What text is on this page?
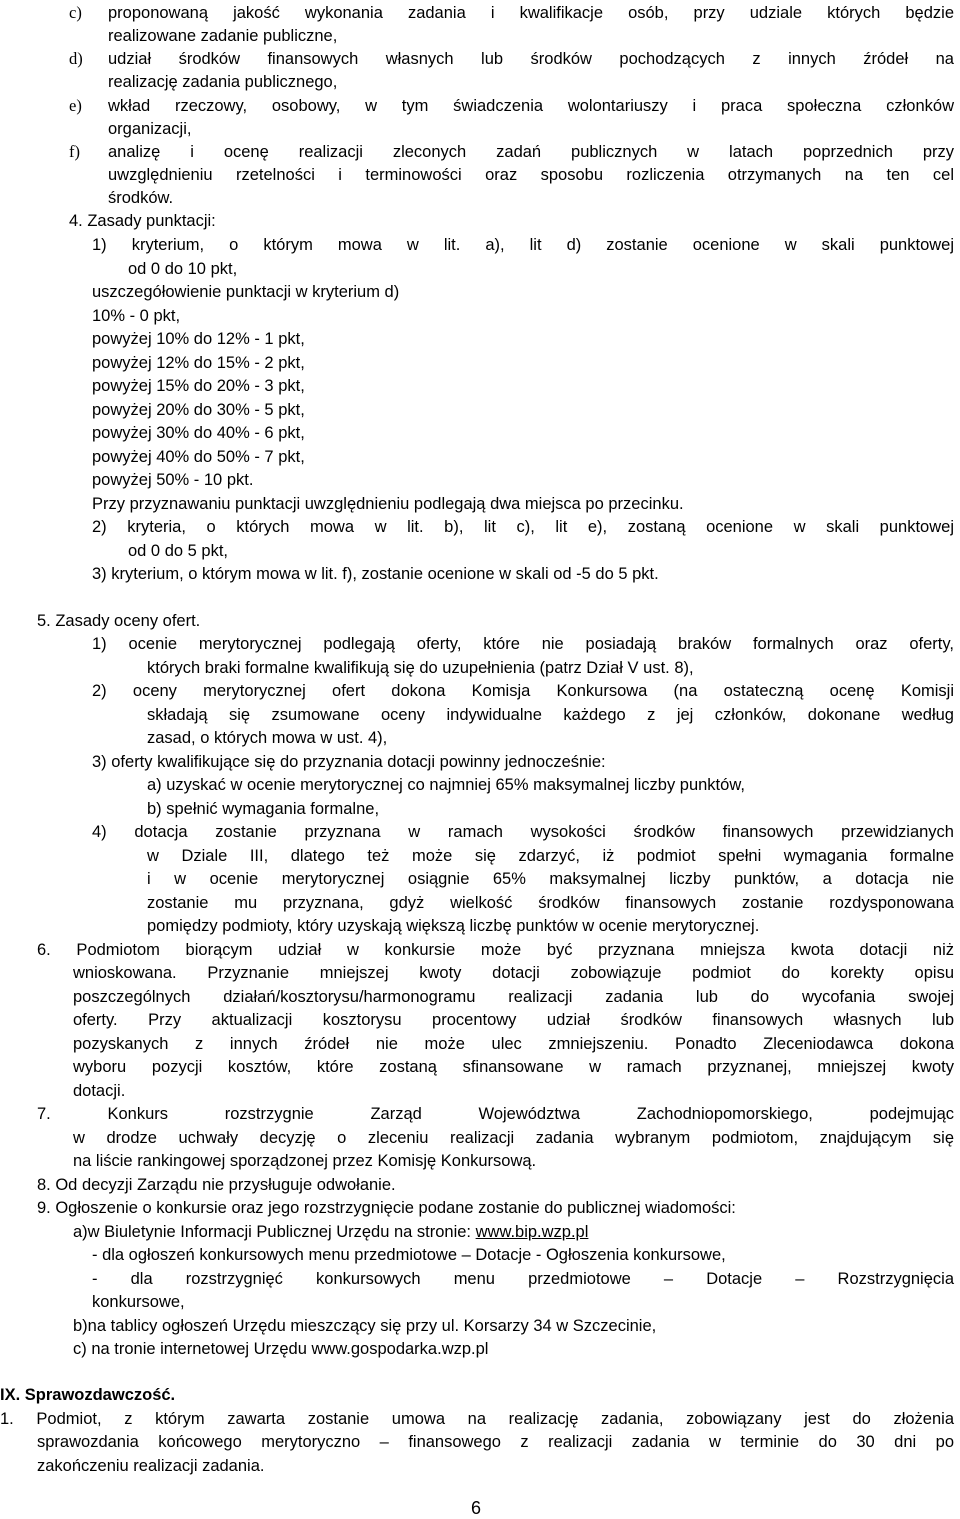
c) proponowaną jakość wykonania zadania i kwalifikacje osób, przy udziale których będzie
realizowane zadanie publiczne,
d) udział środków finansowych własnych lub środków pochodzących z innych źródeł na
realizację zadania publicznego,
e) wkład rzeczowy, osobowy, w tym świadczenia wolontariuszy i praca społeczna członków
organizacji,
f) analizę i ocenę realizacji zleconych zadań publicznych w latach poprzednich przy
uwzględnieniu rzetelności i terminowości oraz sposobu rozliczenia otrzymanych na ten cel
środków.
4. Zasady punktacji:
1) kryterium, o którym mowa w lit. a), lit d) zostanie ocenione w skali punktowej
od 0 do 10 pkt,
uszczegółowienie punktacji w kryterium d)
10% - 0 pkt,
powyżej 10% do 12% - 1 pkt,
powyżej 12% do 15% - 2 pkt,
powyżej 15% do 20% - 3 pkt,
powyżej 20% do 30% - 5 pkt,
powyżej 30% do 40% - 6 pkt,
powyżej 40% do 50% - 7 pkt,
powyżej 50% - 10 pkt.
Przy przyznawaniu punktacji uwzględnieniu podlegają dwa miejsca po przecinku.
2) kryteria, o których mowa w lit. b), lit c), lit e), zostaną ocenione w skali punktowej
od 0 do 5 pkt,
3) kryterium, o którym mowa w lit. f), zostanie ocenione w skali od -5 do 5 pkt.
5. Zasady oceny ofert.
1) ocenie merytorycznej podlegają oferty, które nie posiadają braków formalnych oraz oferty,
których braki formalne kwalifikują się do uzupełnienia (patrz Dział V ust. 8),
2) oceny merytorycznej ofert dokona Komisja Konkursowa (na ostateczną ocenę Komisji
składają się zsumowane oceny indywidualne każdego z jej członków, dokonane według
zasad, o których mowa w ust. 4),
3) oferty kwalifikujące się do przyznania dotacji powinny jednocześnie:
a) uzyskać w ocenie merytorycznej co najmniej 65% maksymalnej liczby punktów,
b) spełnić wymagania formalne,
4) dotacja zostanie przyznana w ramach wysokości środków finansowych przewidzianych
w Dziale III, dlatego też może się zdarzyć, iż podmiot spełni wymagania formalne
i w ocenie merytorycznej osiągnie 65% maksymalnej liczby punktów, a dotacja nie
zostanie mu przyznana, gdyż wielkość środków finansowych zostanie rozdysponowana
pomiędzy podmioty, który uzyskają większą liczbę punktów w ocenie merytorycznej.
6. Podmiotom biorącym udział w konkursie może być przyznana mniejsza kwota dotacji niż
wnioskowana. Przyznanie mniejszej kwoty dotacji zobowiązuje podmiot do korekty opisu
poszczególnych działań/kosztorysu/harmonogramu realizacji zadania lub do wycofania swojej
oferty. Przy aktualizacji kosztorysu procentowy udział środków finansowych własnych lub
pozyskanych z innych źródeł nie może ulec zmniejszeniu. Ponadto Zleceniodawca dokona
wyboru pozycji kosztów, które zostaną sfinansowane w ramach przyznanej, mniejszej kwoty
dotacji.
7. Konkurs rozstrzygnie Zarząd Województwa Zachodniopomorskiego, podejmując
w drodze uchwały decyzję o zleceniu realizacji zadania wybranym podmiotom, znajdującym się
na liście rankingowej sporządzonej przez Komisję Konkursową.
8. Od decyzji Zarządu nie przysługuje odwołanie.
9. Ogłoszenie o konkursie oraz jego rozstrzygnięcie podane zostanie do publicznej wiadomości:
a)w Biuletynie Informacji Publicznej Urzędu na stronie: www.bip.wzp.pl
- dla ogłoszeń konkursowych menu przedmiotowe – Dotacje - Ogłoszenia konkursowe,
- dla rozstrzygnięć konkursowych menu przedmiotowe – Dotacje – Rozstrzygnięcia
konkursowe,
b)na tablicy ogłoszeń Urzędu mieszczący się przy ul. Korsarzy 34 w Szczecinie,
c) na tronie internetowej Urzędu www.gospodarka.wzp.pl
IX. Sprawozdawczość.
1. Podmiot, z którym zawarta zostanie umowa na realizację zadania, zobowiązany jest do złożenia
sprawozdania końcowego merytoryczno – finansowego z realizacji zadania w terminie do 30 dni po
zakończeniu realizacji zadania.
6
